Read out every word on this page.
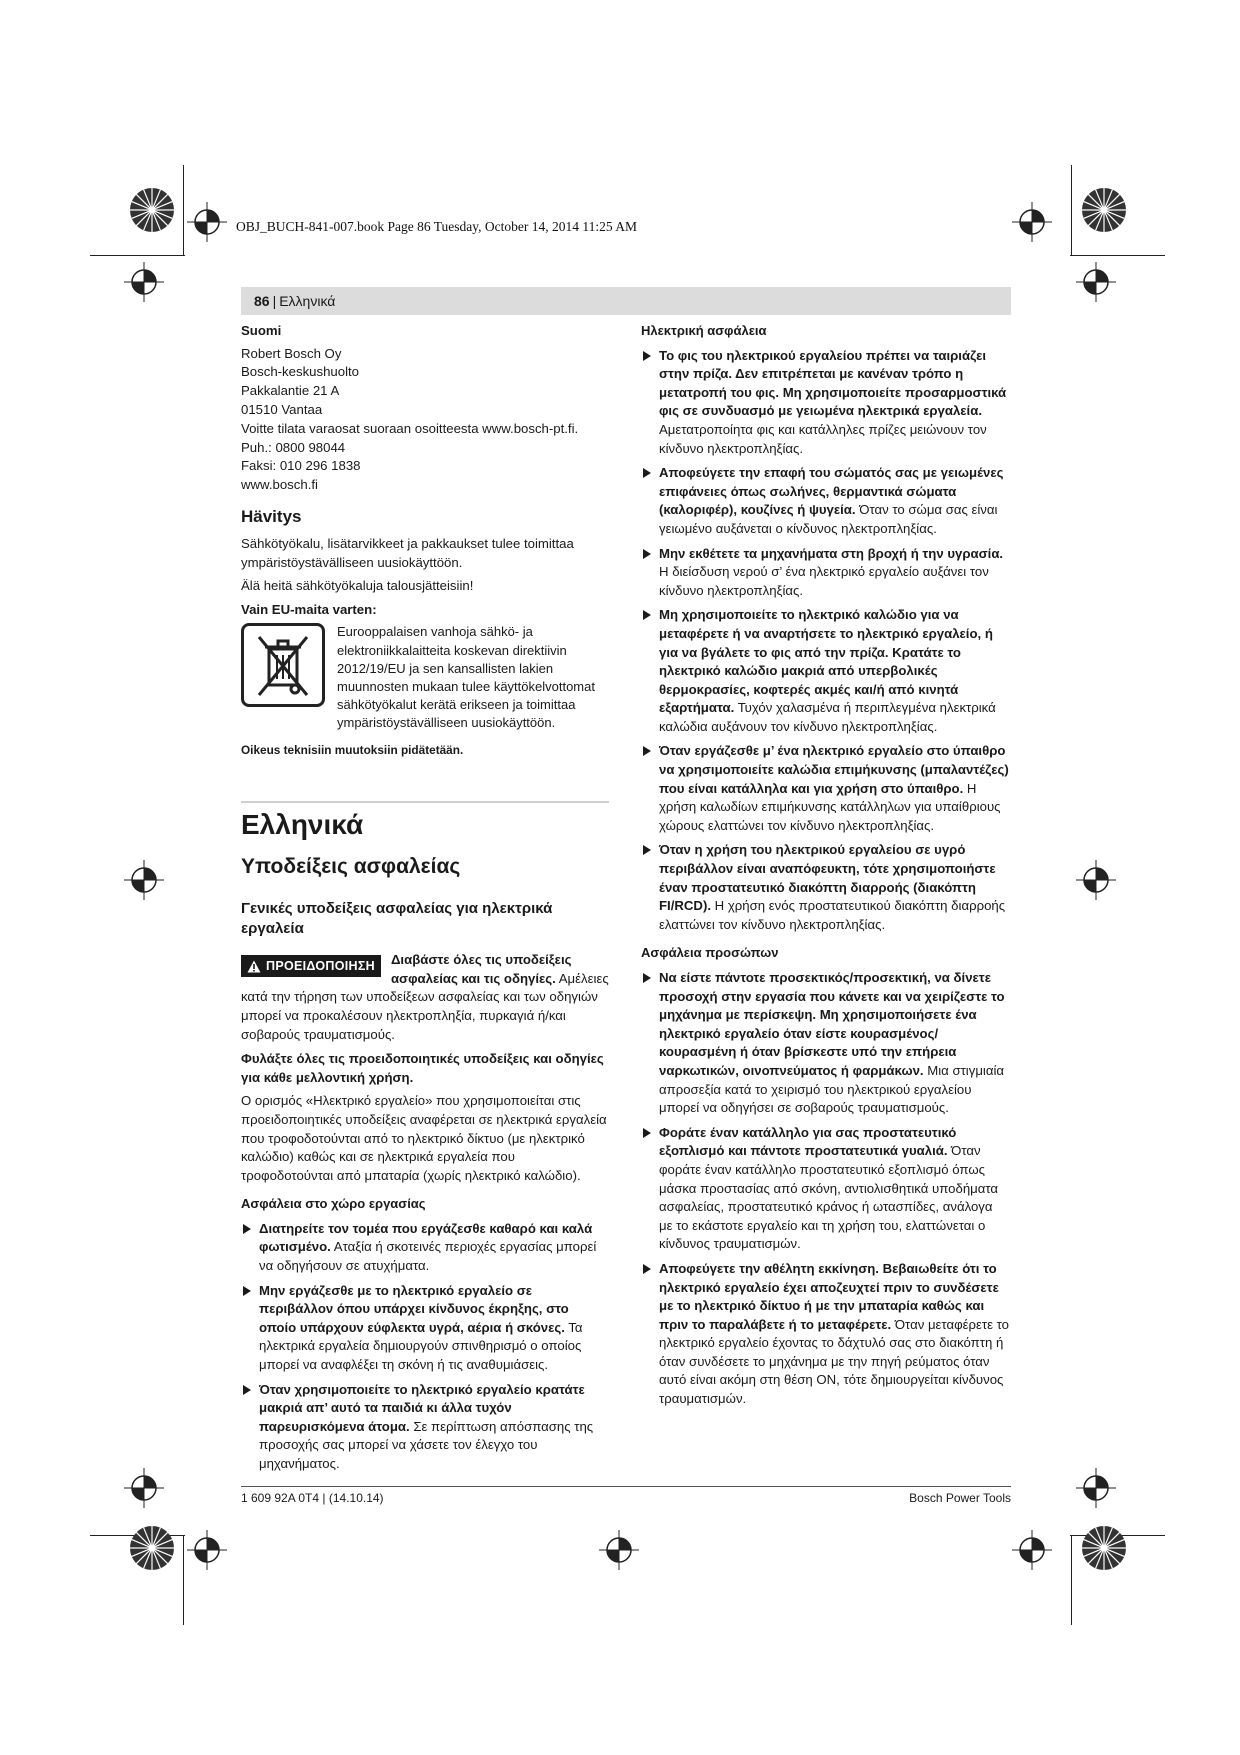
OBJ_BUCH-841-007.book Page 86 Tuesday, October 14, 2014 11:25 AM
86 | Ελληνικά
Suomi
Robert Bosch Oy
Bosch-keskushuolto
Pakkalantie 21 A
01510 Vantaa
Voitte tilata varaosat suoraan osoitteesta www.bosch-pt.fi.
Puh.: 0800 98044
Faksi: 010 296 1838
www.bosch.fi
Hävitys

Sähkötyökalu, lisätarvikkeet ja pakkaukset tulee toimittaa ympäristöystävälliseen uusiokäyttöön.

Älä heitä sähkötyökaluja talousjätteisiin!

Vain EU-maita varten:
Eurooppalaisen vanhoja sähkö- ja elektroniikkalaitteita koskevan direktiivin 2012/19/EU ja sen kansallisten lakien muunnosten mukaan tulee käyttökelvottomat sähkötyökalut kerätä erikseen ja toimittaa ympäristöystävälliseen uusiokäyttöön.
Oikeus teknisiin muutoksiin pidätetään.
Ελληνικά
Υποδείξεις ασφαλείας
Γενικές υποδείξεις ασφαλείας για ηλεκτρικά εργαλεία
ΠΡΟΕΙΔΟΠΟΙΗΣΗ	Διαβάστε όλες τις υποδείξεις ασφαλείας και τις οδηγίες. Αμέλειες κατά την τήρηση των υποδείξεων ασφαλείας και των οδηγιών μπορεί να προκαλέσουν ηλεκτροπληξία, πυρκαγιά ή/και σοβαρούς τραυματισμούς.

Φυλάξτε όλες τις προειδοποιητικές υποδείξεις και οδηγίες για κάθε μελλοντική χρήση.

Ο ορισμός «Ηλεκτρικό εργαλείο» που χρησιμοποιείται στις προειδοποιητικές υποδείξεις αναφέρεται σε ηλεκτρικά εργαλεία που τροφοδοτούνται από το ηλεκτρικό δίκτυο (με ηλεκτρικό καλώδιο) καθώς και σε ηλεκτρικά εργαλεία που τροφοδοτούνται από μπαταρία (χωρίς ηλεκτρικό καλώδιο).

Ασφάλεια στο χώρο εργασίας
Διατηρείτε τον τομέα που εργάζεσθε καθαρό και καλά φωτισμένο. Αταξία ή σκοτεινές περιοχές εργασίας μπορεί να οδηγήσουν σε ατυχήματα.
Μην εργάζεσθε με το ηλεκτρικό εργαλείο σε περιβάλλον όπου υπάρχει κίνδυνος έκρηξης, στο οποίο υπάρχουν εύφλεκτα υγρά, αέρια ή σκόνες. Τα ηλεκτρικά εργαλεία δημιουργούν σπινθηρισμό ο οποίος μπορεί να αναφλέξει τη σκόνη ή τις αναθυμιάσεις.
Όταν χρησιμοποιείτε το ηλεκτρικό εργαλείο κρατάτε μακριά απ’ αυτό τα παιδιά κι άλλα τυχόν παρευρισκόμενα άτομα. Σε περίπτωση απόσπασης της προσοχής σας μπορεί να χάσετε τον έλεγχο του μηχανήματος.
Ηλεκτρική ασφάλεια
Το φις του ηλεκτρικού εργαλείου πρέπει να ταιριάζει στην πρίζα. Δεν επιτρέπεται με κανέναν τρόπο η μετατροπή του φις. Μη χρησιμοποιείτε προσαρμοστικά φις σε συνδυασμό με γειωμένα ηλεκτρικά εργαλεία. Αμετατροποίητα φις και κατάλληλες πρίζες μειώνουν τον κίνδυνο ηλεκτροπληξίας.
Αποφεύγετε την επαφή του σώματός σας με γειωμένες επιφάνειες όπως σωλήνες, θερμαντικά σώματα (καλοριφέρ), κουζίνες ή ψυγεία. Όταν το σώμα σας είναι γειωμένο αυξάνεται ο κίνδυνος ηλεκτροπληξίας.
Μην εκθέτετε τα μηχανήματα στη βροχή ή την υγρασία. Η διείσδυση νερού σ’ ένα ηλεκτρικό εργαλείο αυξάνει τον κίνδυνο ηλεκτροπληξίας.
Μη χρησιμοποιείτε το ηλεκτρικό καλώδιο για να μεταφέρετε ή να αναρτήσετε το ηλεκτρικό εργαλείο, ή για να βγάλετε το φις από την πρίζα. Κρατάτε το ηλεκτρικό καλώδιο μακριά από υπερβολικές θερμοκρασίες, κοφτερές ακμές και/ή από κινητά εξαρτήματα. Τυχόν χαλασμένα ή περιπλεγμένα ηλεκτρικά καλώδια αυξάνουν τον κίνδυνο ηλεκτροπληξίας.
Όταν εργάζεσθε μ’ ένα ηλεκτρικό εργαλείο στο ύπαιθρο να χρησιμοποιείτε καλώδια επιμήκυνσης (μπαλαντέζες) που είναι κατάλληλα και για χρήση στο ύπαιθρο. Η χρήση καλωδίων επιμήκυνσης κατάλληλων για υπαίθριους χώρους ελαττώνει τον κίνδυνο ηλεκτροπληξίας.
Όταν η χρήση του ηλεκτρικού εργαλείου σε υγρό περιβάλλον είναι αναπόφευκτη, τότε χρησιμοποιήστε έναν προστατευτικό διακόπτη διαρροής (διακόπτη FI/RCD). Η χρήση ενός προστατευτικού διακόπτη διαρροής ελαττώνει τον κίνδυνο ηλεκτροπληξίας.
Ασφάλεια προσώπων
Να είστε πάντοτε προσεκτικός/προσεκτική, να δίνετε προσοχή στην εργασία που κάνετε και να χειρίζεστε το μηχάνημα με περίσκεψη. Μη χρησιμοποιήσετε ένα ηλεκτρικό εργαλείο όταν είστε κουρασμένος/κουρασμένη ή όταν βρίσκεστε υπό την επήρεια ναρκωτικών, οινοπνεύματος ή φαρμάκων. Μια στιγμιαία απροσεξία κατά το χειρισμό του ηλεκτρικού εργαλείου μπορεί να οδηγήσει σε σοβαρούς τραυματισμούς.
Φοράτε έναν κατάλληλο για σας προστατευτικό εξοπλισμό και πάντοτε προστατευτικά γυαλιά. Όταν φοράτε έναν κατάλληλο προστατευτικό εξοπλισμό όπως μάσκα προστασίας από σκόνη, αντιολισθητικά υποδήματα ασφαλείας, προστατευτικό κράνος ή ωτασπίδες, ανάλογα με το εκάστοτε εργαλείο και τη χρήση του, ελαττώνεται ο κίνδυνος τραυματισμών.
Αποφεύγετε την αθέλητη εκκίνηση. Βεβαιωθείτε ότι το ηλεκτρικό εργαλείο έχει αποζευχτεί πριν το συνδέσετε με το ηλεκτρικό δίκτυο ή με την μπαταρία καθώς και πριν το παραλάβετε ή το μεταφέρετε. Όταν μεταφέρετε το ηλεκτρικό εργαλείο έχοντας το δάχτυλό σας στο διακόπτη ή όταν συνδέσετε το μηχάνημα με την πηγή ρεύματος όταν αυτό είναι ακόμη στη θέση ON, τότε δημιουργείται κίνδυνος τραυματισμών.
1 609 92A 0T4 | (14.10.14)	Bosch Power Tools
